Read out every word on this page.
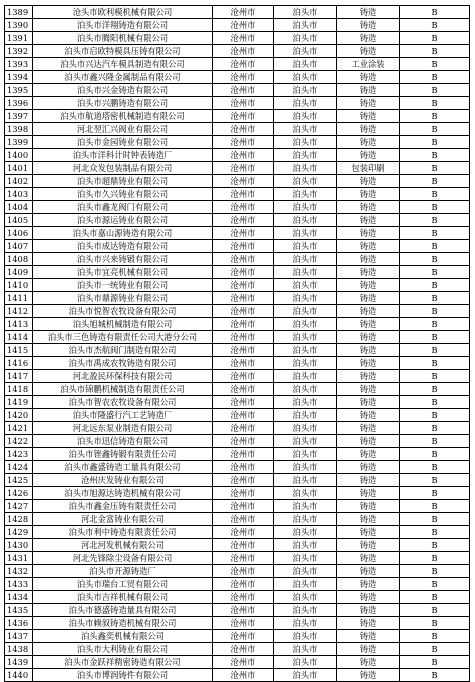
1389	沧头市欧利模机械有限公司	沧州市	泊头市	铸造	B
1390	泊头市洋翔铸造有限公司	沧州市	泊头市	铸造	B
1391	泊头市腾阳机械有限公司	沧州市	泊头市	铸造	B
1392	泊头市启欧特模具压铸有限公司	沧州市	泊头市	铸造	B
1393	泊头市兴达汽车模具制造有限公司	沧州市	泊头市	工业涂装	B
1394	泊头市鑫兴隆金属制品有限公司	沧州市	泊头市	铸造	B
1395	泊头市兴金铸造有限公司	沧州市	泊头市	铸造	B
1396	泊头市兴鹏铸造有限公司	沧州市	泊头市	铸造	B
1397	泊头市航道塔密机械制造有限公司	沧州市	泊头市	铸造	B
1398	河北翌汇兴阀业有限公司	沧州市	泊头市	铸造	B
1399	泊头市金园铸业有限公司	沧州市	泊头市	铸造	B
1400	泊头市洋科计时钟表铸造厂	沧州市	泊头市	铸造	B
1401	河北众发包装制品有限公司	沧州市	泊头市	包装印刷	B
1402	泊头市超鼎铸业有限公司	沧州市	泊头市	铸造	B
1403	泊头市久兴铸业有限公司	沧州市	泊头市	铸造	B
1404	泊头市鑫龙阀门有限公司	沧州市	泊头市	铸造	B
1405	泊头市源运铸业有限公司	沧州市	泊头市	铸造	B
1406	泊头市嘉山源铸造有限公司	沧州市	泊头市	铸造	B
1407	泊头市成达铸造有限公司	沧州市	泊头市	铸造	B
1408	泊头市兴来铸锻有限公司	沧州市	泊头市	铸造	B
1409	泊头市宜亮机械有限公司	沧州市	泊头市	铸造	B
1410	泊头市一统铸业有限公司	沧州市	泊头市	铸造	B
1411	泊头市鼎源铸业有限公司	沧州市	泊头市	铸造	B
1412	泊头市悦智农牧设备有限公司	沧州市	泊头市	铸造	B
1413	泊头旭城机械制造有限公司	沧州市	泊头市	铸造	B
1414	泊头市三色铸造有限责任公司大港分公司	沧州市	泊头市	铸造	B
1415	泊头市杰航阀门制造有限公司	沧州市	泊头市	铸造	B
1416	泊头市禹成农牧铸造有限公司	沧州市	泊头市	铸造	B
1417	河北盈民环保科技有限公司	沧州市	泊头市	铸造	B
1418	泊头市锦鹏机械制造有限责任公司	沧州市	泊头市	铸造	B
1419	泊头市智农农牧设备有限公司	沧州市	泊头市	铸造	B
1420	泊头市隆盛行汽工艺铸造厂	沧州市	泊头市	铸造	B
1421	河北远东泵业制造有限公司	沧州市	泊头市	铸造	B
1422	泊头市迅信铸造有限公司	沧州市	泊头市	铸造	B
1423	泊头市锉鑫铸锻有限责任公司	沧州市	泊头市	铸造	B
1424	泊头市鑫盛铸造工量具有限公司	沧州市	泊头市	铸造	B
1425	沧州庆发铸业有限公司	沧州市	泊头市	铸造	B
1426	泊头市旭源达铸造机械有限公司	沧州市	泊头市	铸造	B
1427	泊头市鑫金压铸有限责任公司	沧州市	泊头市	铸造	B
1428	河北金富铸业有限公司	沧州市	泊头市	铸造	B
1429	泊头市利中铸造有限责任公司	沧州市	泊头市	铸造	B
1430	河北河发机械有限公司	沧州市	泊头市	铸造	B
1431	河北先锋除尘设备有限公司	沧州市	泊头市	铸造	B
1432	泊头市开源铸造厂	沧州市	泊头市	铸造	B
1433	泊头市瑞台工贸有限公司	沧州市	泊头市	铸造	B
1434	泊头市吉祥机械有限公司	沧州市	泊头市	铸造	B
1435	泊头市德盛铸造量具有限公司	沧州市	泊头市	铸造	B
1436	泊头市赖叙铸造机械有限公司	沧州市	泊头市	铸造	B
1437	泊头鑫奕机械有限公司	沧州市	泊头市	铸造	B
1438	泊头市大利铸业有限公司	沧州市	泊头市	铸造	B
1439	泊头市金跃祥精密铸造有限公司	沧州市	泊头市	铸造	B
1440	泊头市博润铸件有限公司	沧州市	泊头市	铸造	B
